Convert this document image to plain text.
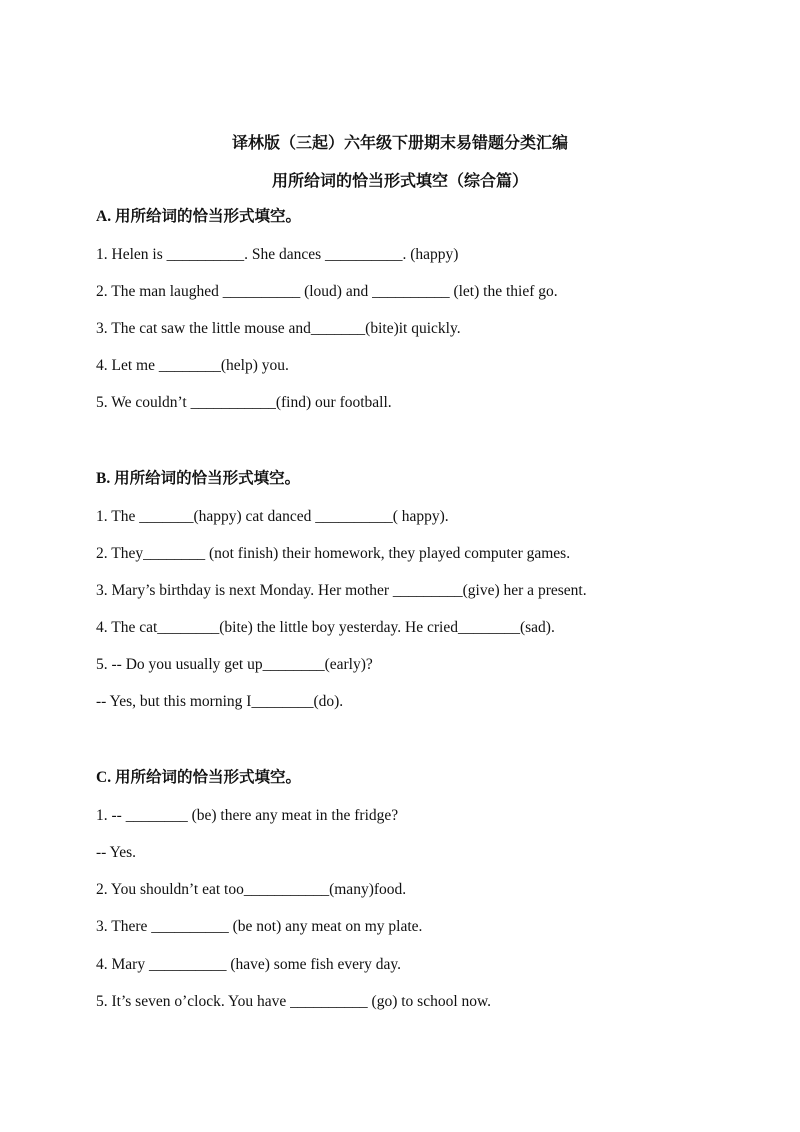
译林版（三起）六年级下册期末易错题分类汇编

用所给词的恰当形式填空（综合篇）

A. 用所给词的恰当形式填空。

1. Helen is __________. She dances __________. (happy)

2. The man laughed __________ (loud) and __________ (let) the thief go.

3. The cat saw the little mouse and_______(bite)it quickly.

4. Let me ________(help) you.

5. We couldn’t ___________(find) our football.

B. 用所给词的恰当形式填空。

1. The _______(happy) cat danced __________( happy).

2. They________ (not finish) their homework, they played computer games.

3. Mary’s birthday is next Monday. Her mother _________(give) her a present.

4. The cat________(bite) the little boy yesterday. He cried________(sad).

5. -- Do you usually get up________(early)?

-- Yes, but this morning I________(do).

C. 用所给词的恰当形式填空。

1. -- ________ (be) there any meat in the fridge?

-- Yes.

2. You shouldn’t eat too___________(many)food.

3. There __________ (be not) any meat on my plate.

4. Mary __________ (have) some fish every day.

5. It’s seven o’clock. You have __________ (go) to school now.
